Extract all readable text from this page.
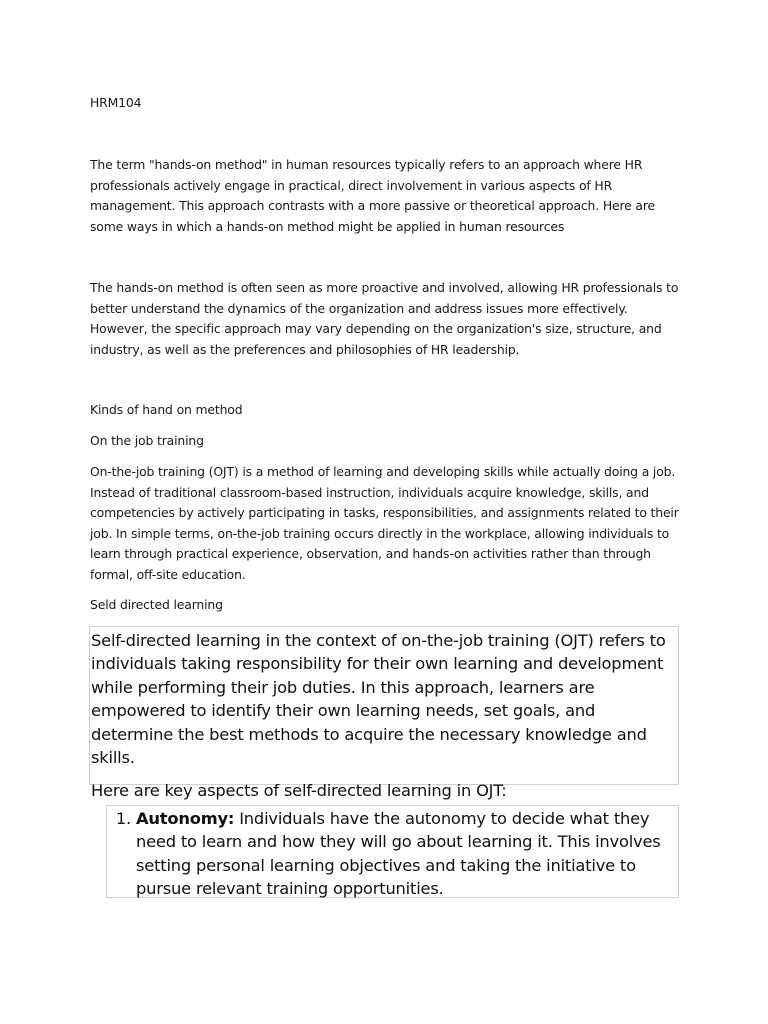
HRM104

The term "hands-on method" in human resources typically refers to an approach where HR professionals actively engage in practical, direct involvement in various aspects of HR management. This approach contrasts with a more passive or theoretical approach. Here are some ways in which a hands-on method might be applied in human resources

The hands-on method is often seen as more proactive and involved, allowing HR professionals to better understand the dynamics of the organization and address issues more effectively. However, the specific approach may vary depending on the organization's size, structure, and industry, as well as the preferences and philosophies of HR leadership.

Kinds of hand on method

On the job training

On-the-job training (OJT) is a method of learning and developing skills while actually doing a job. Instead of traditional classroom-based instruction, individuals acquire knowledge, skills, and competencies by actively participating in tasks, responsibilities, and assignments related to their job. In simple terms, on-the-job training occurs directly in the workplace, allowing individuals to learn through practical experience, observation, and hands-on activities rather than through formal, off-site education.

Seld directed learning

Self-directed learning in the context of on-the-job training (OJT) refers to individuals taking responsibility for their own learning and development while performing their job duties. In this approach, learners are empowered to identify their own learning needs, set goals, and determine the best methods to acquire the necessary knowledge and skills.

Here are key aspects of self-directed learning in OJT:

1. Autonomy: Individuals have the autonomy to decide what they need to learn and how they will go about learning it. This involves setting personal learning objectives and taking the initiative to pursue relevant training opportunities.
